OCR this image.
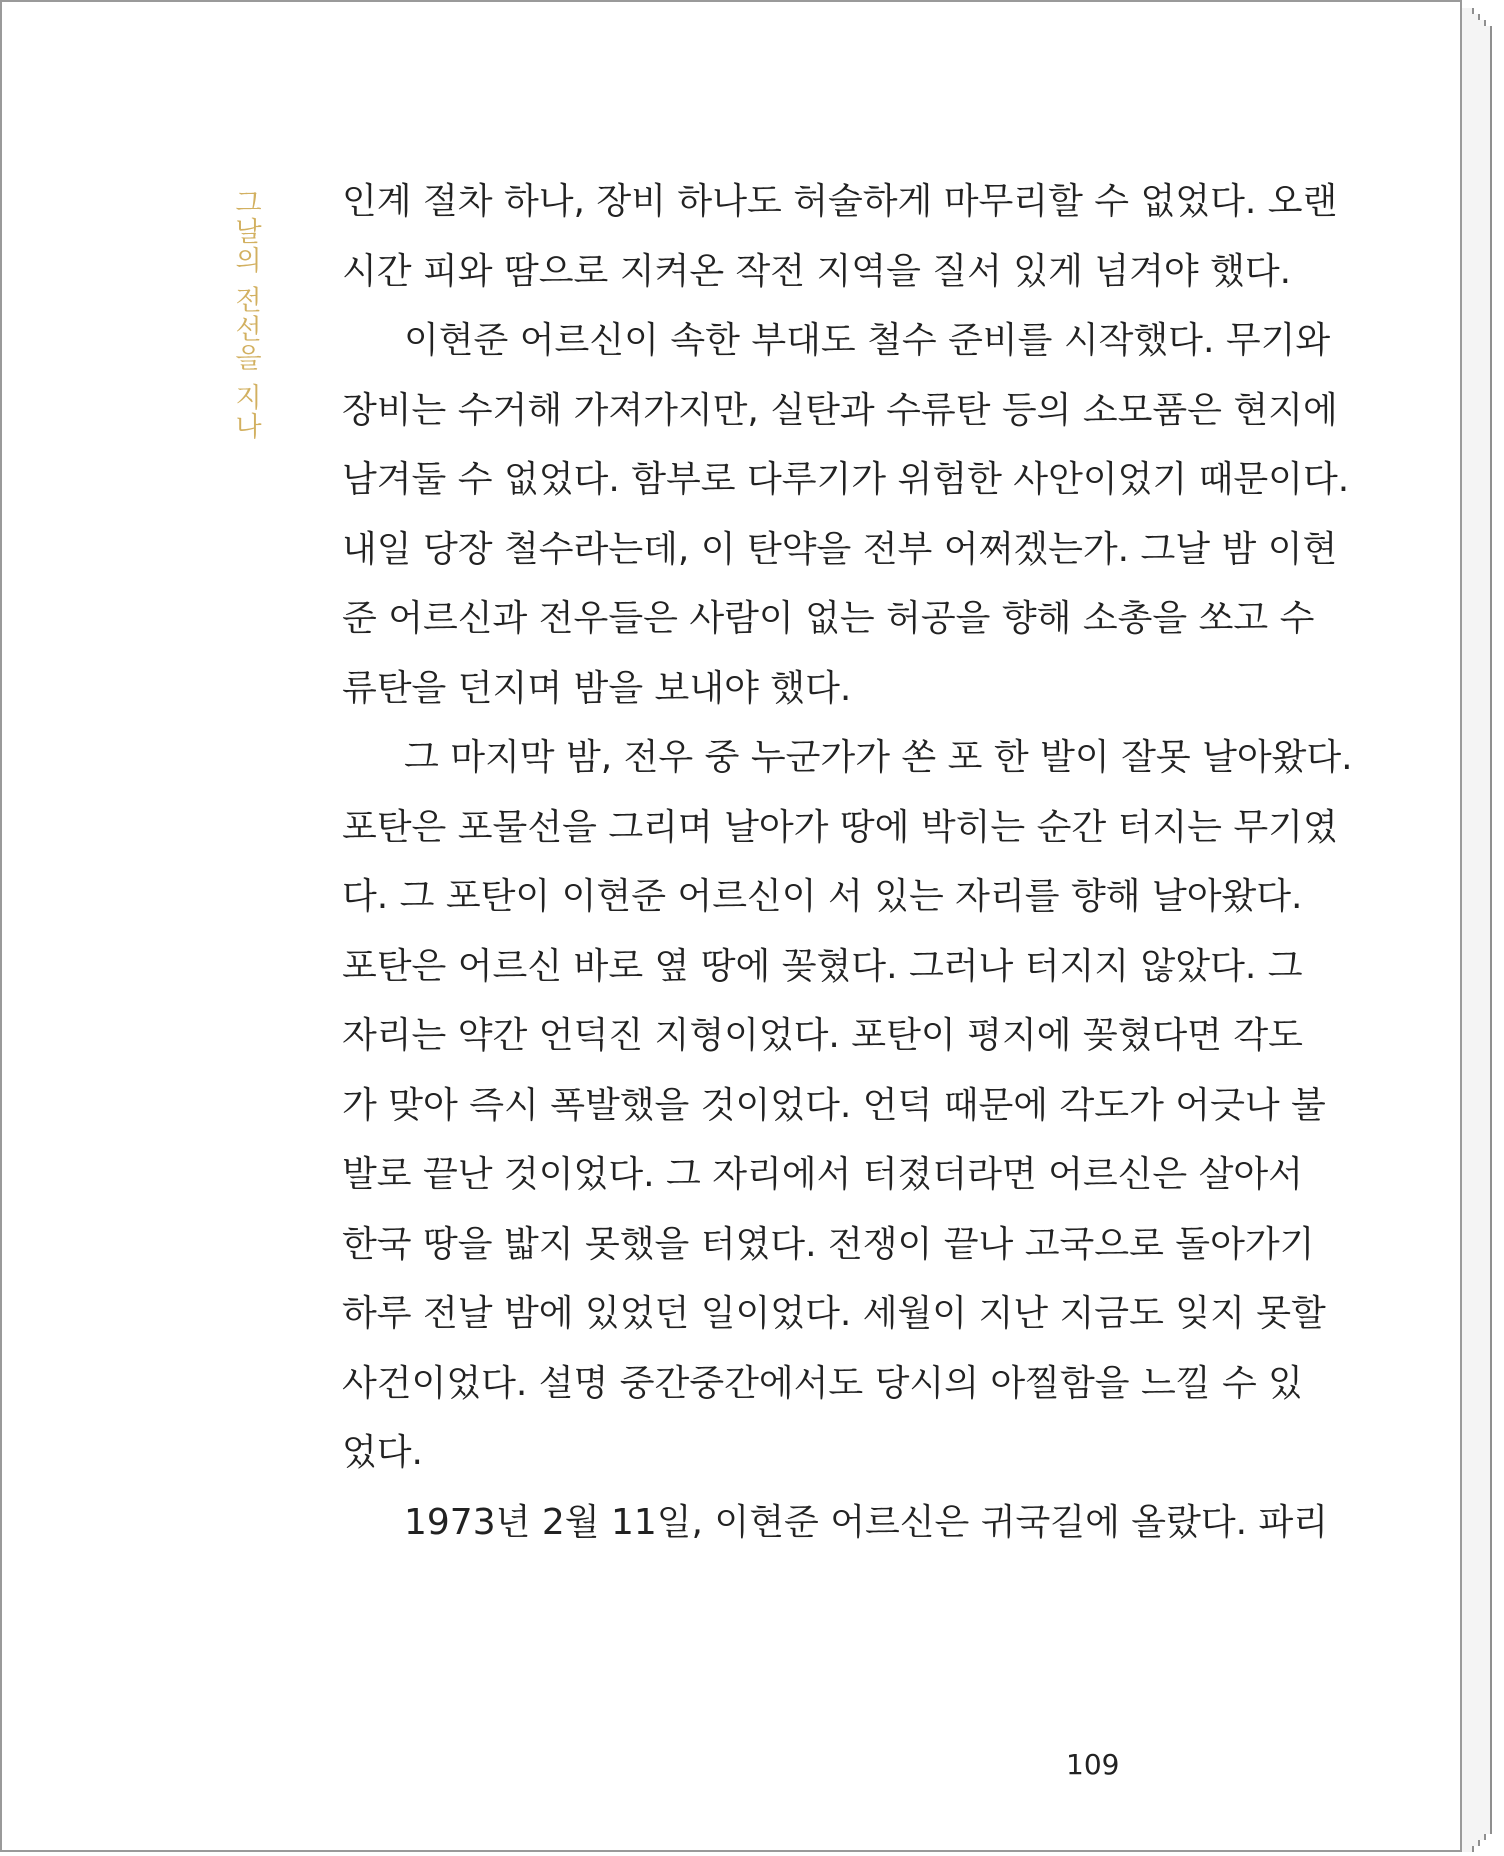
그날의 전선을 지나 인계 절차 하나, 장비 하나도 허술하게 마무리할 수 없었다. 오랜
시간 피와 땀으로 지켜온 작전 지역을 질서 있게 넘겨야 했다.
이현준 어르신이 속한 부대도 철수 준비를 시작했다. 무기와
장비는 수거해 가져가지만, 실탄과 수류탄 등의 소모품은 현지에
남겨둘 수 없었다. 함부로 다루기가 위험한 사안이었기 때문이다.
내일 당장 철수라는데, 이 탄약을 전부 어쩌겠는가. 그날 밤 이현
준 어르신과 전우들은 사람이 없는 허공을 향해 소총을 쏘고 수
류탄을 던지며 밤을 보내야 했다.
그 마지막 밤, 전우 중 누군가가 쏜 포 한 발이 잘못 날아왔다.
포탄은 포물선을 그리며 날아가 땅에 박히는 순간 터지는 무기였
다. 그 포탄이 이현준 어르신이 서 있는 자리를 향해 날아왔다.
포탄은 어르신 바로 옆 땅에 꽂혔다. 그러나 터지지 않았다. 그
자리는 약간 언덕진 지형이었다. 포탄이 평지에 꽂혔다면 각도
가 맞아 즉시 폭발했을 것이었다. 언덕 때문에 각도가 어긋나 불
발로 끝난 것이었다. 그 자리에서 터졌더라면 어르신은 살아서
한국 땅을 밟지 못했을 터였다. 전쟁이 끝나 고국으로 돌아가기
하루 전날 밤에 있었던 일이었다. 세월이 지난 지금도 잊지 못할
사건이었다. 설명 중간중간에서도 당시의 아찔함을 느낄 수 있
었다.
1973년 2월 11일, 이현준 어르신은 귀국길에 올랐다. 파리
109
